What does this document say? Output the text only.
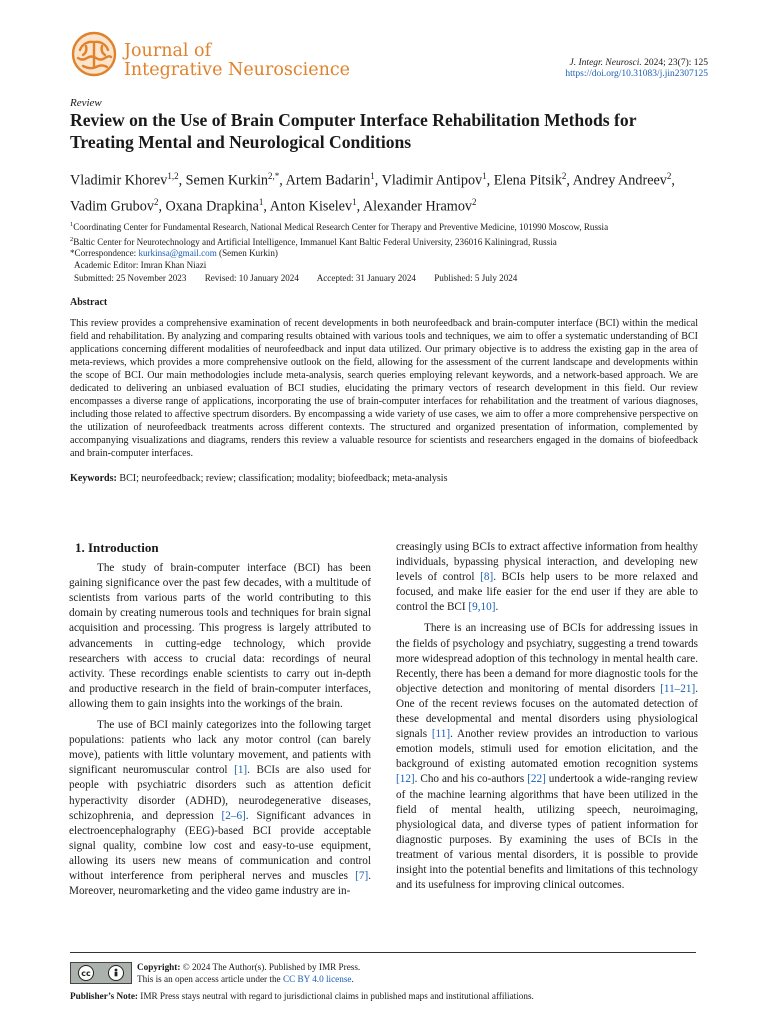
Journal of
Integrative Neuroscience	J. Integr. Neurosci. 2024; 23(7): 125
https://doi.org/10.31083/j.jin2307125
Review
Review on the Use of Brain Computer Interface Rehabilitation Methods for Treating Mental and Neurological Conditions
Vladimir Khorev$^{1,2}$, Semen Kurkin$^{2,*}$, Artem Badarin$^1$, Vladimir Antipov$^1$, Elena Pitsik$^2$, Andrey Andreev$^2$, Vadim Grubov$^2$, Oxana Drapkina$^1$, Anton Kiselev$^1$, Alexander Hramov$^2$
$^1$Coordinating Center for Fundamental Research, National Medical Research Center for Therapy and Preventive Medicine, 101990 Moscow, Russia
$^2$Baltic Center for Neurotechnology and Artificial Intelligence, Immanuel Kant Baltic Federal University, 236016 Kaliningrad, Russia
*Correspondence: kurkinsa@gmail.com (Semen Kurkin)
Academic Editor: Imran Khan Niazi
Submitted: 25 November 2023 Revised: 10 January 2024 Accepted: 31 January 2024 Published: 5 July 2024
Abstract
This review provides a comprehensive examination of recent developments in both neurofeedback and brain-computer interface (BCI) within the medical field and rehabilitation. By analyzing and comparing results obtained with various tools and techniques, we aim to offer a systematic understanding of BCI applications concerning different modalities of neurofeedback and input data utilized. Our primary objective is to address the existing gap in the area of meta-reviews, which provides a more comprehensive outlook on the field, allowing for the assessment of the current landscape and developments within the scope of BCI. Our main methodologies include meta-analysis, search queries employing relevant keywords, and a network-based approach. We are dedicated to delivering an unbiased evaluation of BCI studies, elucidating the primary vectors of research development in this field. Our review encompasses a diverse range of applications, incorporating the use of brain-computer interfaces for rehabilitation and the treatment of various diagnoses, including those related to affective spectrum disorders. By encompassing a wide variety of use cases, we aim to offer a more comprehensive perspective on the utilization of neurofeedback treatments across different contexts. The structured and organized presentation of information, complemented by accompanying visualizations and diagrams, renders this review a valuable resource for scientists and researchers engaged in the domains of biofeedback and brain-computer interfaces.
Keywords: BCI; neurofeedback; review; classification; modality; biofeedback; meta-analysis
1. Introduction

The study of brain-computer interface (BCI) has been gaining significance over the past few decades, with a multitude of scientists from various parts of the world contributing to this domain by creating numerous tools and techniques for brain signal acquisition and processing. This progress is largely attributed to advancements in cutting-edge technology, which provide researchers with access to crucial data: recordings of neural activity. These recordings enable scientists to carry out in-depth and productive research in the field of brain-computer interfaces, allowing them to gain insights into the workings of the brain.

The use of BCI mainly categorizes into the following target populations: patients who lack any motor control (can barely move), patients with little voluntary movement, and patients with significant neuromuscular control [1]. BCIs are also used for people with psychiatric disorders such as attention deficit hyperactivity disorder (ADHD), neurodegenerative diseases, schizophrenia, and depression [2–6]. Significant advances in electroencephalography (EEG)-based BCI provide acceptable signal quality, combine low cost and easy-to-use equipment, allowing its users new means of communication and control without interference from peripheral nerves and muscles [7]. Moreover, neuromarketing and the video game industry are in-

creasingly using BCIs to extract affective information from healthy individuals, bypassing physical interaction, and developing new levels of control [8]. BCIs help users to be more relaxed and focused, and make life easier for the end user if they are able to control the BCI [9,10].

There is an increasing use of BCIs for addressing issues in the fields of psychology and psychiatry, suggesting a trend towards more widespread adoption of this technology in mental health care. Recently, there has been a demand for more diagnostic tools for the objective detection and monitoring of mental disorders [11–21]. One of the recent reviews focuses on the automated detection of these developmental and mental disorders using physiological signals [11]. Another review provides an introduction to various emotion models, stimuli used for emotion elicitation, and the background of existing automated emotion recognition systems [12]. Cho and his co-authors [22] undertook a wide-ranging review of the machine learning algorithms that have been utilized in the field of mental health, utilizing speech, neuroimaging, physiological data, and diverse types of patient information for diagnostic purposes. By examining the uses of BCIs in the treatment of various mental disorders, it is possible to provide insight into the potential benefits and limitations of this technology and its usefulness for improving clinical outcomes.

cc
Copyright: © 2024 The Author(s). Published by IMR Press.
This is an open access article under the CC BY 4.0 license.
Publisher’s Note: IMR Press stays neutral with regard to jurisdictional claims in published maps and institutional affiliations.
